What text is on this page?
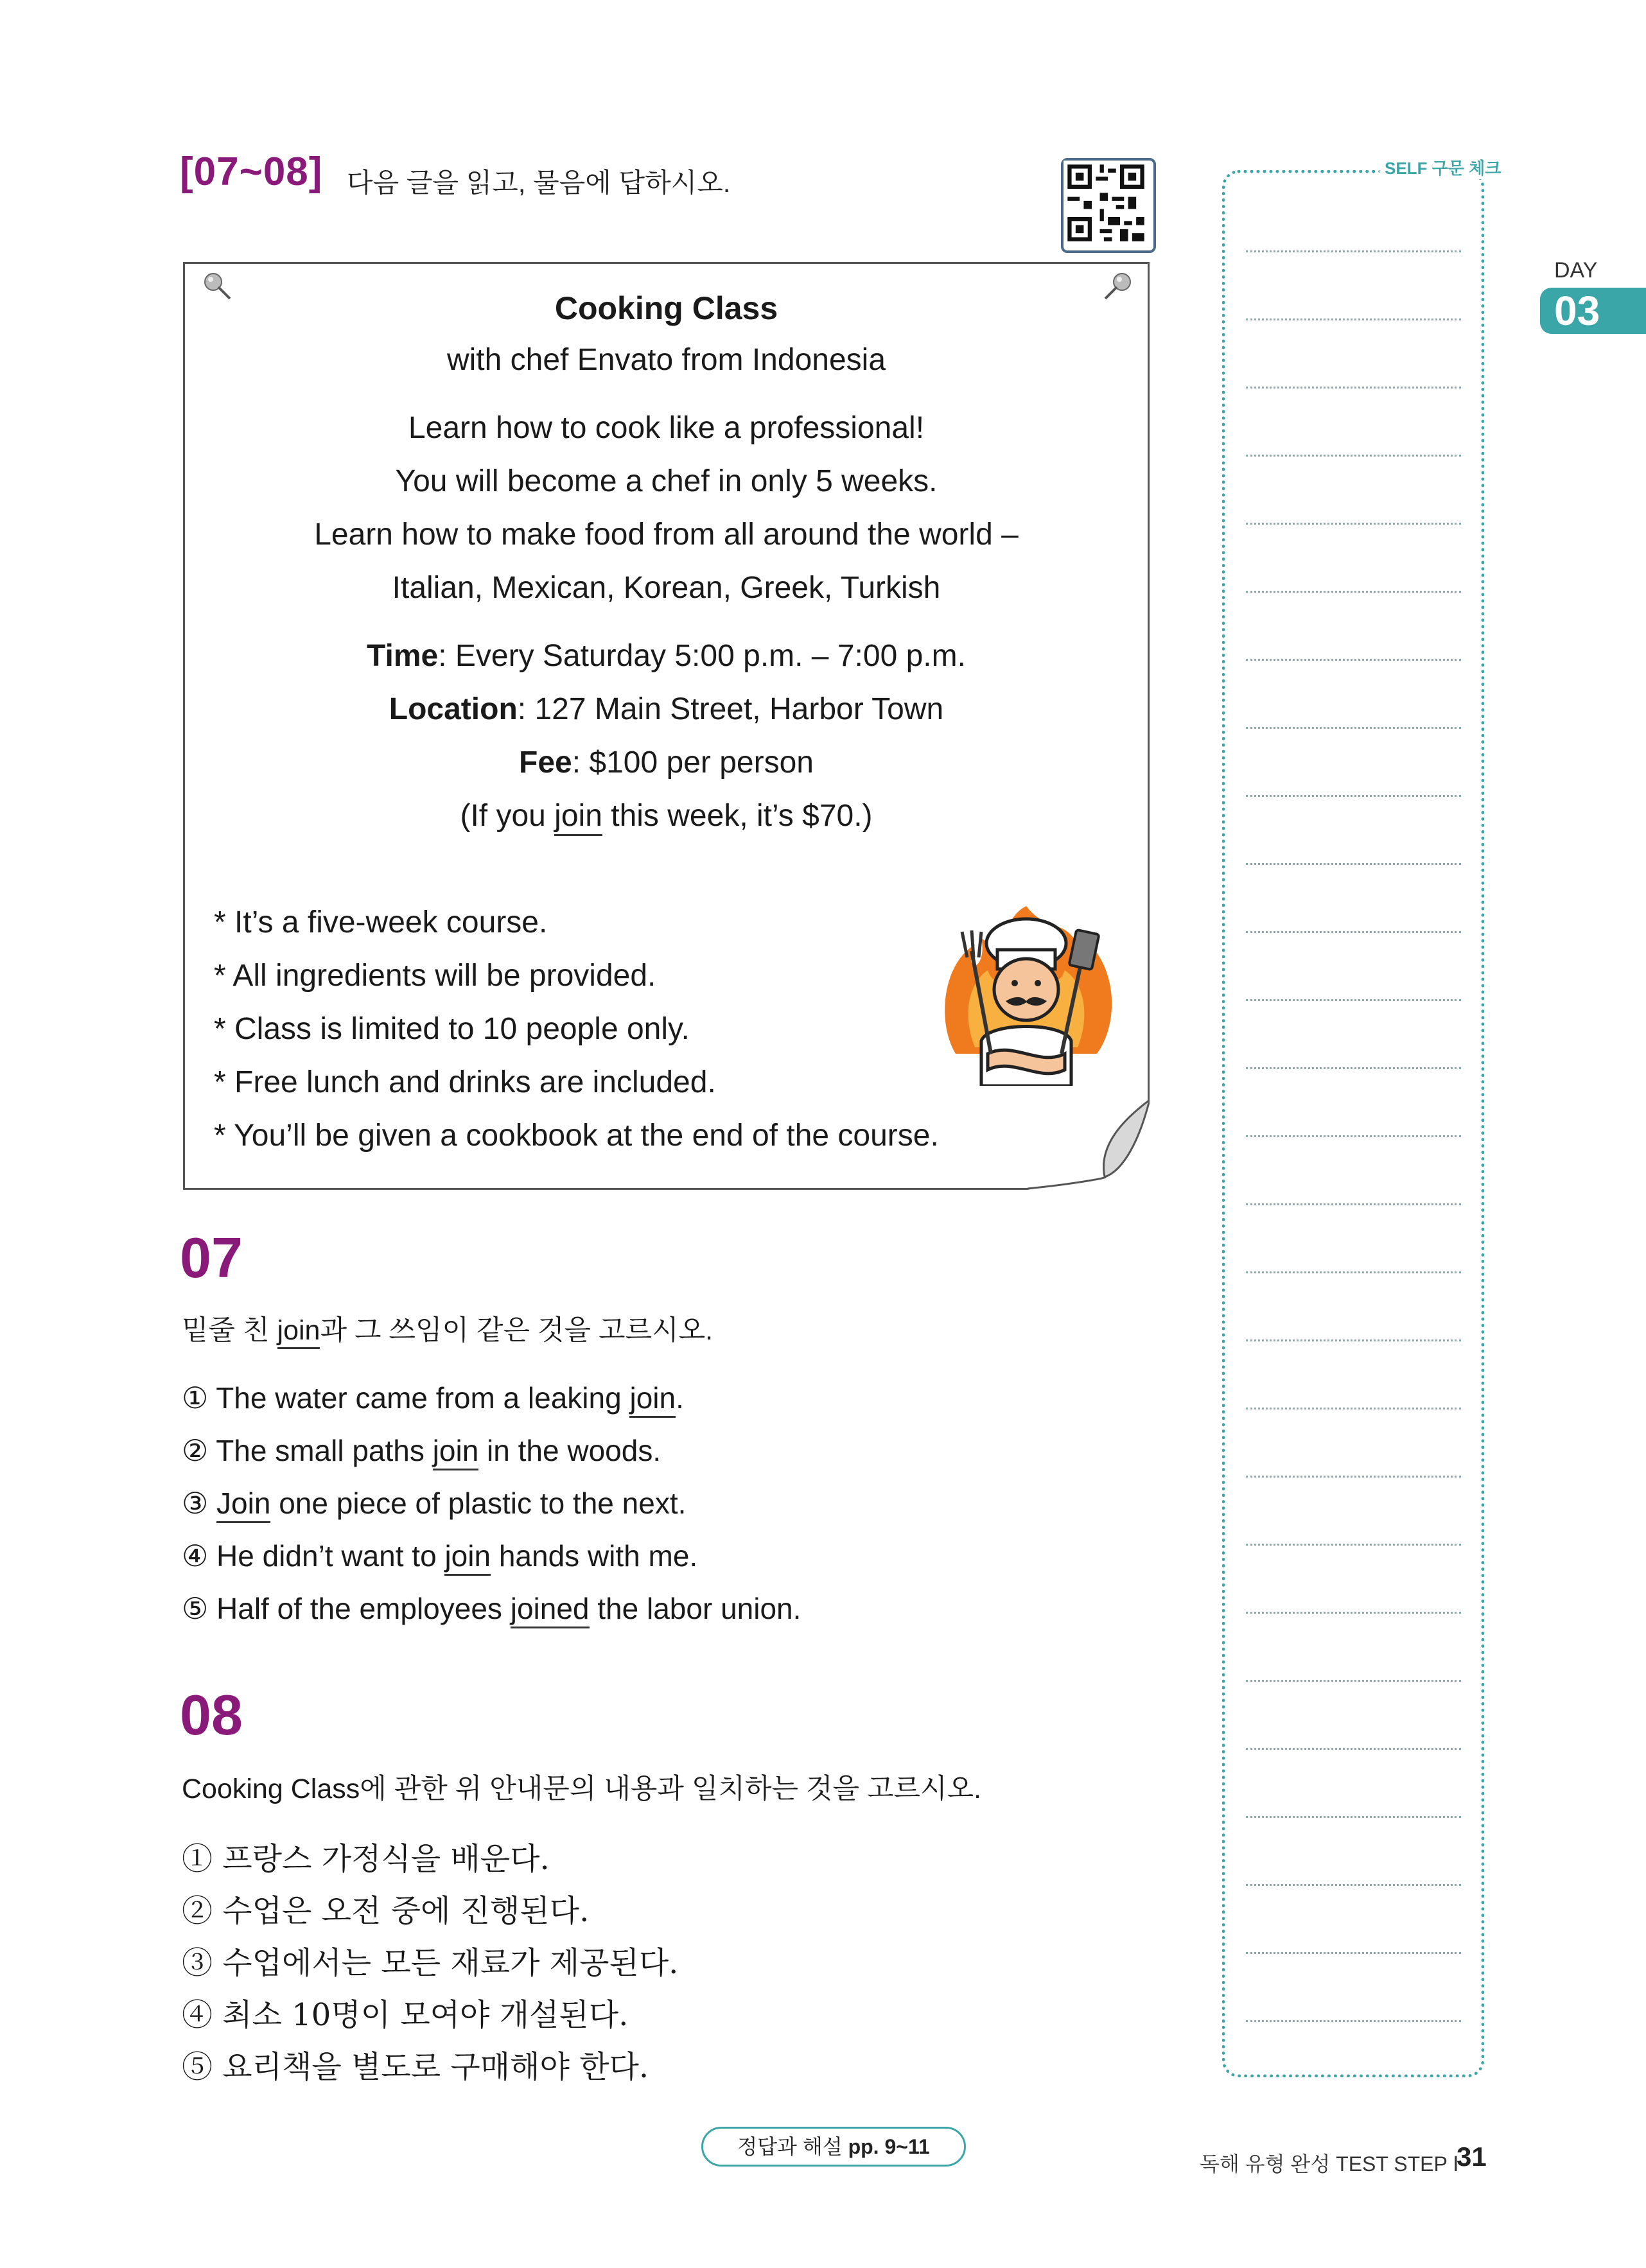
[07~08] 다음 글을 읽고, 물음에 답하시오.
Cooking Class
with chef Envato from Indonesia
Learn how to cook like a professional!
You will become a chef in only 5 weeks.
Learn how to make food from all around the world –
Italian, Mexican, Korean, Greek, Turkish
Time: Every Saturday 5:00 p.m. – 7:00 p.m.
Location: 127 Main Street, Harbor Town
Fee: $100 per person
(If you join this week, it’s $70.)
* It’s a five-week course.
* All ingredients will be provided.
* Class is limited to 10 people only.
* Free lunch and drinks are included.
* You’ll be given a cookbook at the end of the course.
07
밑줄 친 join과 그 쓰임이 같은 것을 고르시오.
① The water came from a leaking join.
② The small paths join in the woods.
③ Join one piece of plastic to the next.
④ He didn’t want to join hands with me.
⑤ Half of the employees joined the labor union.
08
Cooking Class에 관한 위 안내문의 내용과 일치하는 것을 고르시오.
① 프랑스 가정식을 배운다.
② 수업은 오전 중에 진행된다.
③ 수업에서는 모든 재료가 제공된다.
④ 최소 10명이 모여야 개설된다.
⑤ 요리책을 별도로 구매해야 한다.
SELF 구문 체크
DAY
03
정답과 해설 pp. 9~11
독해 유형 완성 TEST STEP Ⅰ
31
